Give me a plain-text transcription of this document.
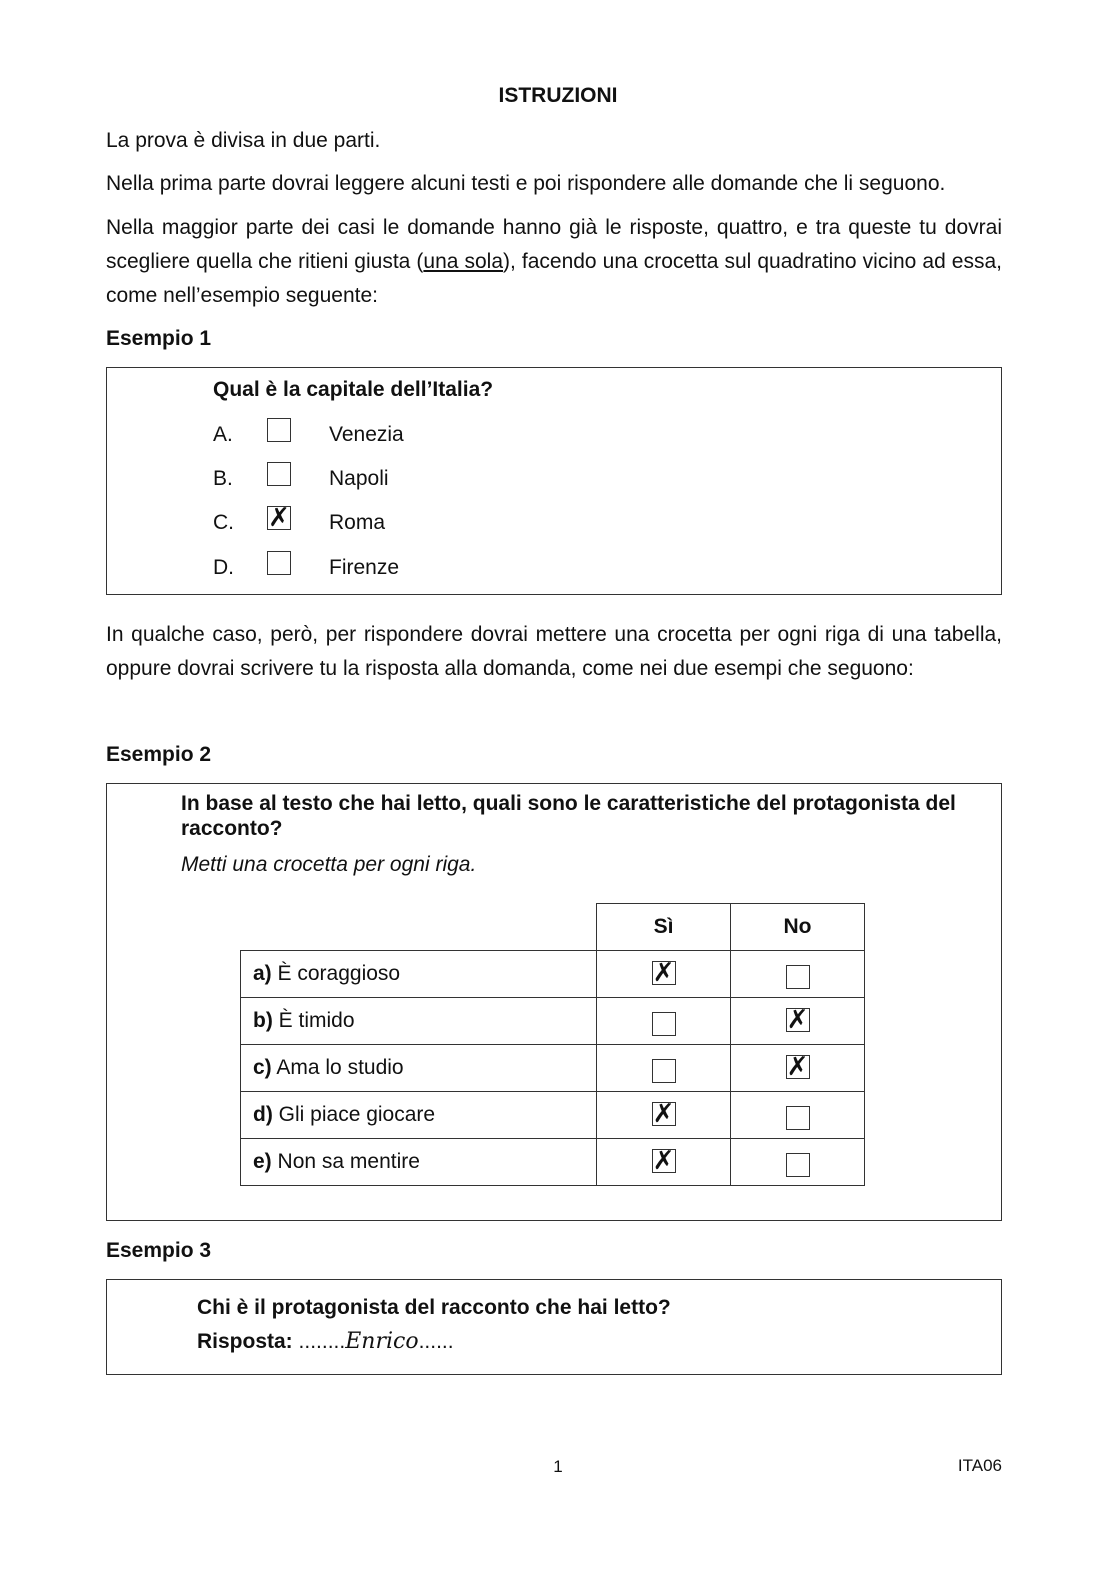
ISTRUZIONI
La prova è divisa in due parti.
Nella prima parte dovrai leggere alcuni testi e poi rispondere alle domande che li seguono.
Nella maggior parte dei casi le domande hanno già le risposte, quattro, e tra queste tu dovrai scegliere quella che ritieni giusta (una sola), facendo una crocetta sul quadratino vicino ad essa, come nell’esempio seguente:
Esempio 1
Qual è la capitale dell’Italia?
A.	Venezia
B.	Napoli
C. ✗ Roma
D.	Firenze
In qualche caso, però, per rispondere dovrai mettere una crocetta per ogni riga di una tabella, oppure dovrai scrivere tu la risposta alla domanda, come nei due esempi che seguono:
Esempio 2
In base al testo che hai letto, quali sono le caratteristiche del protagonista del racconto?
Metti una crocetta per ogni riga.
	Sì	No
a) È coraggioso	✗	

b) È timido		✗

c) Ama lo studio		✗

d) Gli piace giocare	✗	

e) Non sa mentire	✗	

Esempio 3
Chi è il protagonista del racconto che hai letto?
Risposta: ........Enrico......
1	ITA06
